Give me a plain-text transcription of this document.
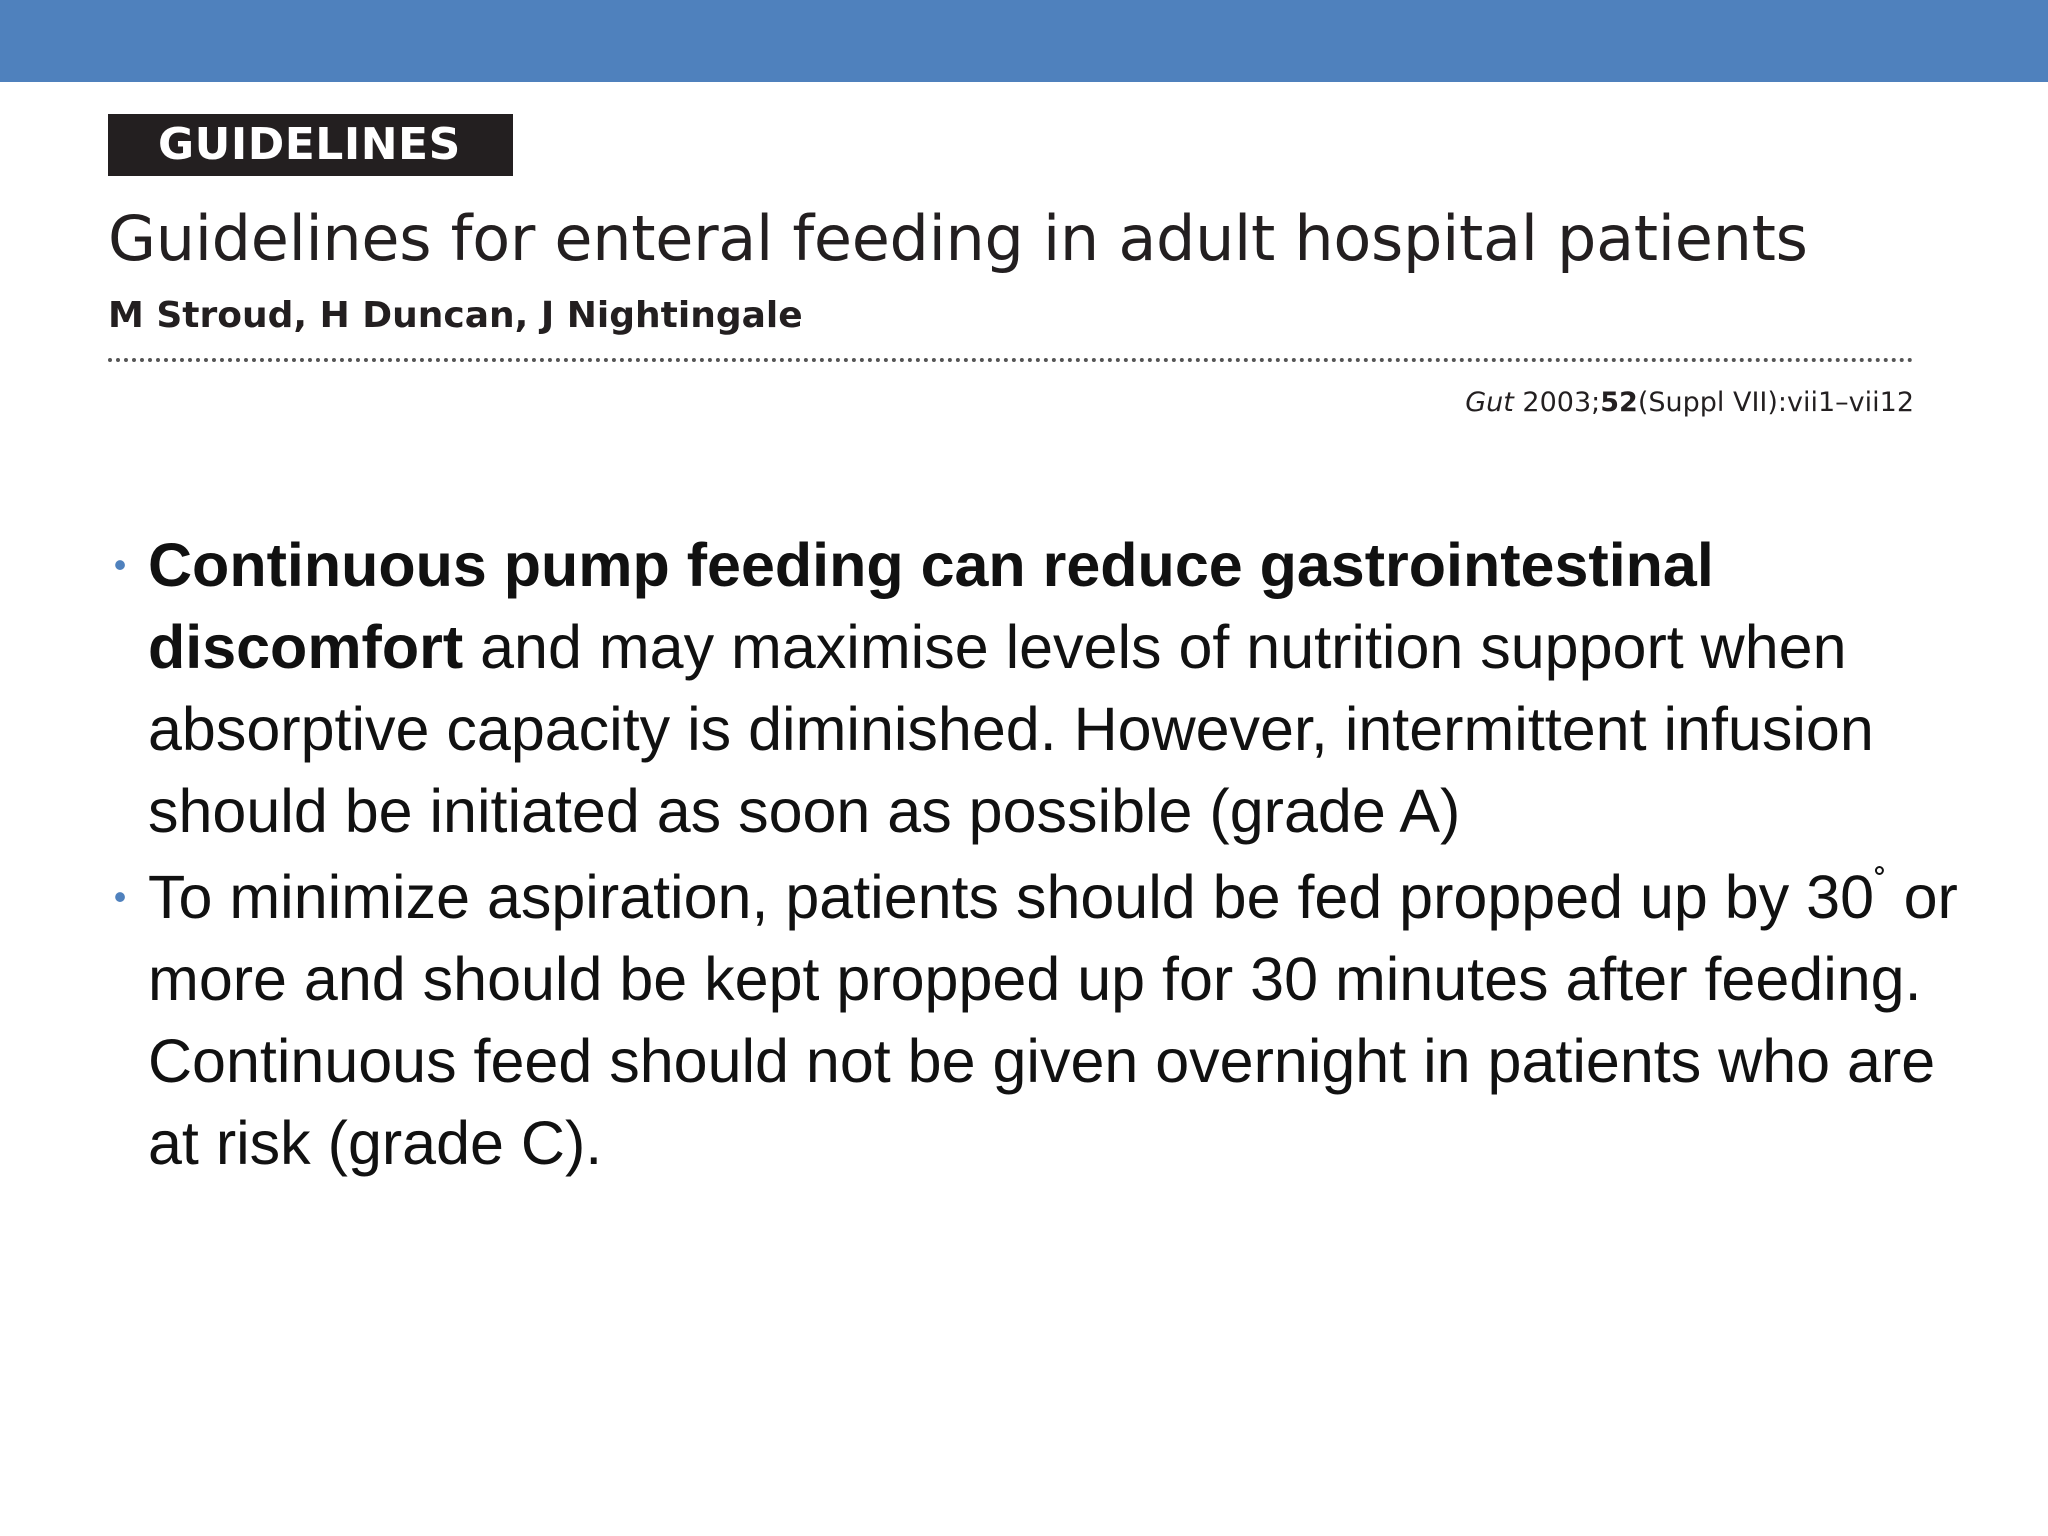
GUIDELINES
Guidelines for enteral feeding in adult hospital patients
M Stroud, H Duncan, J Nightingale
Gut 2003;52(Suppl VII):vii1–vii12
• Continuous pump feeding can reduce gastrointestinal discomfort and may maximise levels of nutrition support when absorptive capacity is diminished. However, intermittent infusion should be initiated as soon as possible (grade A)
• To minimize aspiration, patients should be fed propped up by 30˚ or more and should be kept propped up for 30 minutes after feeding. Continuous feed should not be given overnight in patients who are at risk (grade C).
